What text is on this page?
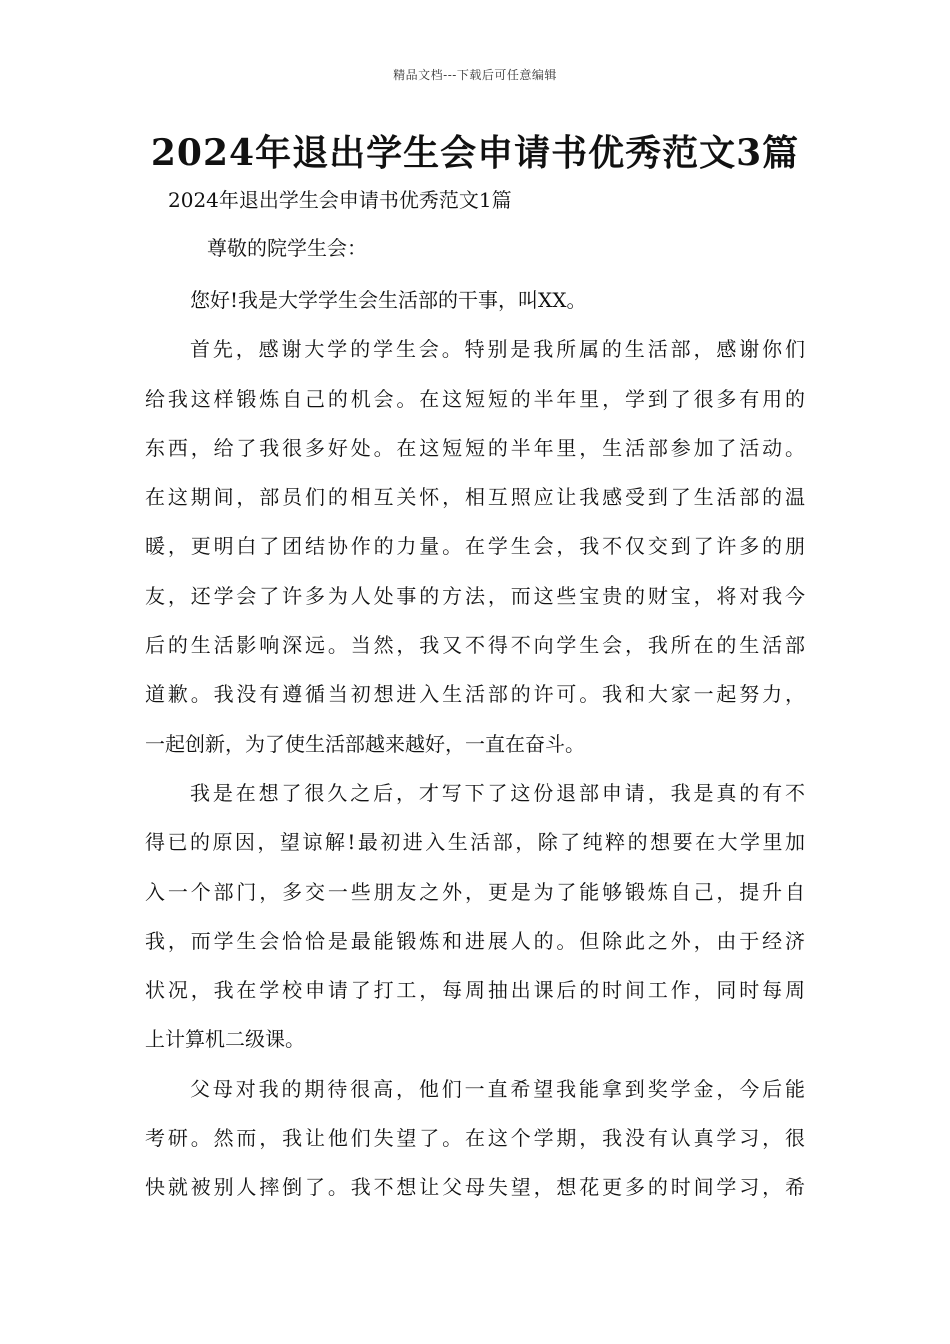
精品文档---下载后可任意编辑
2024年退出学生会申请书优秀范文3篇

2024年退出学生会申请书优秀范文1篇

尊敬的院学生会：

您好!我是大学学生会生活部的干事，叫XX。

首先，感谢大学的学生会。特别是我所属的生活部，感谢你们
给我这样锻炼自己的机会。在这短短的半年里，学到了很多有用的
东西，给了我很多好处。在这短短的半年里，生活部参加了活动。
在这期间，部员们的相互关怀，相互照应让我感受到了生活部的温
暖，更明白了团结协作的力量。在学生会，我不仅交到了许多的朋
友，还学会了许多为人处事的方法，而这些宝贵的财宝，将对我今
后的生活影响深远。当然，我又不得不向学生会，我所在的生活部
道歉。我没有遵循当初想进入生活部的许可。我和大家一起努力，
一起创新，为了使生活部越来越好，一直在奋斗。

我是在想了很久之后，才写下了这份退部申请，我是真的有不
得已的原因，望谅解!最初进入生活部，除了纯粹的想要在大学里加
入一个部门，多交一些朋友之外，更是为了能够锻炼自己，提升自
我，而学生会恰恰是最能锻炼和进展人的。但除此之外，由于经济
状况，我在学校申请了打工，每周抽出课后的时间工作，同时每周
上计算机二级课。

父母对我的期待很高，他们一直希望我能拿到奖学金，今后能
考研。然而，我让他们失望了。在这个学期，我没有认真学习，很
快就被别人摔倒了。我不想让父母失望，想花更多的时间学习，希
